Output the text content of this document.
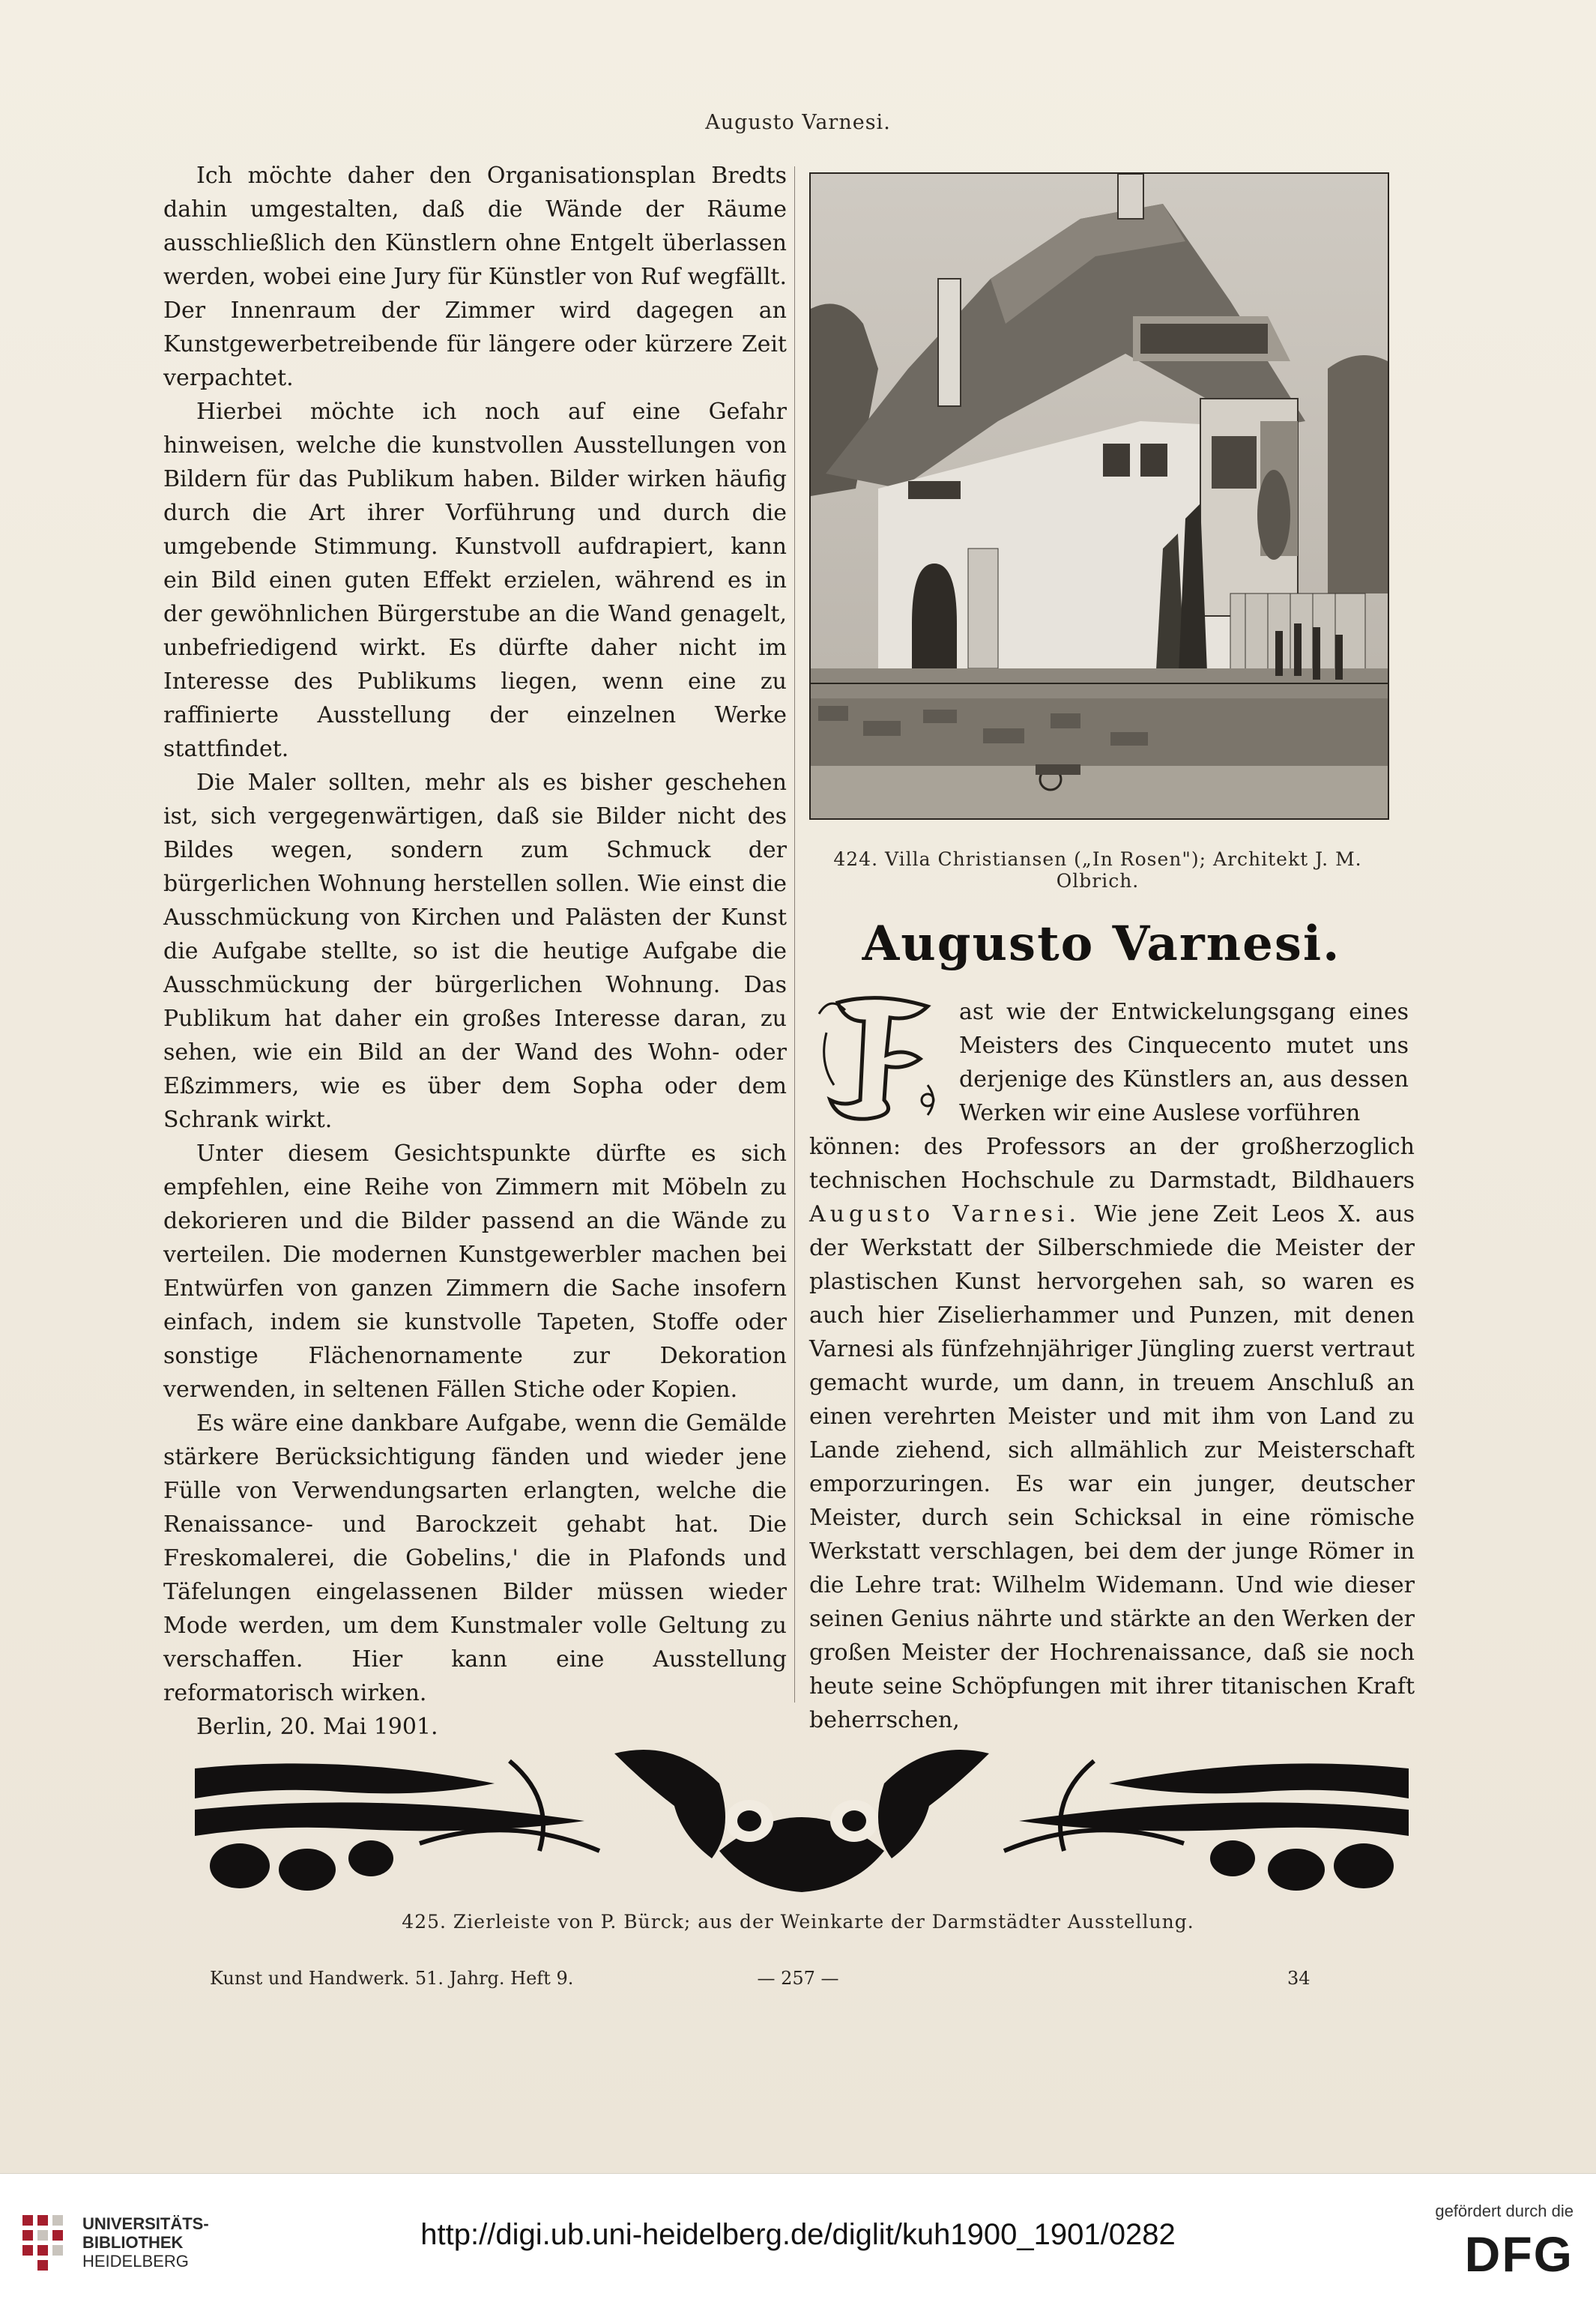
Augusto Varnesi.

Ich möchte daher den Organisationsplan Bredts dahin umgestalten, daß die Wände der Räume ausschließlich den Künstlern ohne Entgelt überlassen werden, wobei eine Jury für Künstler von Ruf wegfällt. Der Innenraum der Zimmer wird dagegen an Kunstgewerbetreibende für längere oder kürzere Zeit verpachtet.

Hierbei möchte ich noch auf eine Gefahr hinweisen, welche die kunstvollen Ausstellungen von Bildern für das Publikum haben. Bilder wirken häufig durch die Art ihrer Vorführung und durch die umgebende Stimmung. Kunstvoll aufdrapiert, kann ein Bild einen guten Effekt erzielen, während es in der gewöhnlichen Bürgerstube an die Wand genagelt, unbefriedigend wirkt. Es dürfte daher nicht im Interesse des Publikums liegen, wenn eine zu raffinierte Ausstellung der einzelnen Werke stattfindet.

Die Maler sollten, mehr als es bisher geschehen ist, sich vergegenwärtigen, daß sie Bilder nicht des Bildes wegen, sondern zum Schmuck der bürgerlichen Wohnung herstellen sollen. Wie einst die Ausschmückung von Kirchen und Palästen der Kunst die Aufgabe stellte, so ist die heutige Aufgabe die Ausschmückung der bürgerlichen Wohnung. Das Publikum hat daher ein großes Interesse daran, zu sehen, wie ein Bild an der Wand des Wohn- oder Eßzimmers, wie es über dem Sopha oder dem Schrank wirkt.

Unter diesem Gesichtspunkte dürfte es sich empfehlen, eine Reihe von Zimmern mit Möbeln zu dekorieren und die Bilder passend an die Wände zu verteilen. Die modernen Kunstgewerbler machen bei Entwürfen von ganzen Zimmern die Sache insofern einfach, indem sie kunstvolle Tapeten, Stoffe oder sonstige Flächenornamente zur Dekoration verwenden, in seltenen Fällen Stiche oder Kopien.

Es wäre eine dankbare Aufgabe, wenn die Gemälde stärkere Berücksichtigung fänden und wieder jene Fülle von Verwendungsarten erlangten, welche die Renaissance- und Barockzeit gehabt hat. Die Freskomalerei, die Gobelins,' die in Plafonds und Täfelungen eingelassenen Bilder müssen wieder Mode werden, um dem Kunstmaler volle Geltung zu verschaffen. Hier kann eine Ausstellung reformatorisch wirken.

Berlin, 20. Mai 1901.

424. Villa Christiansen („In Rosen"); Architekt J. M. Olbrich.
Augusto Varnesi.

ast wie der Entwickelungsgang eines Meisters des Cinquecento mutet uns derjenige des Künstlers an, aus dessen Werken wir eine Auslese vorführen

können: des Professors an der großherzoglich technischen Hochschule zu Darmstadt, Bildhauers Augusto Varnesi. Wie jene Zeit Leos X. aus der Werkstatt der Silberschmiede die Meister der plastischen Kunst hervorgehen sah, so waren es auch hier Ziselierhammer und Punzen, mit denen Varnesi als fünfzehnjähriger Jüngling zuerst vertraut gemacht wurde, um dann, in treuem Anschluß an einen verehrten Meister und mit ihm von Land zu Lande ziehend, sich allmählich zur Meisterschaft emporzuringen. Es war ein junger, deutscher Meister, durch sein Schicksal in eine römische Werkstatt verschlagen, bei dem der junge Römer in die Lehre trat: Wilhelm Widemann. Und wie dieser seinen Genius nährte und stärkte an den Werken der großen Meister der Hochrenaissance, daß sie noch heute seine Schöpfungen mit ihrer titanischen Kraft beherrschen,

425. Zierleiste von P. Bürck; aus der Weinkarte der Darmstädter Ausstellung.
Kunst und Handwerk. 51. Jahrg. Heft 9.	— 257 —	34
UNIVERSITÄTS-
BIBLIOTHEK
HEIDELBERG
http://digi.ub.uni-heidelberg.de/diglit/kuh1900_1901/0282
gefördert durch die
DFG
